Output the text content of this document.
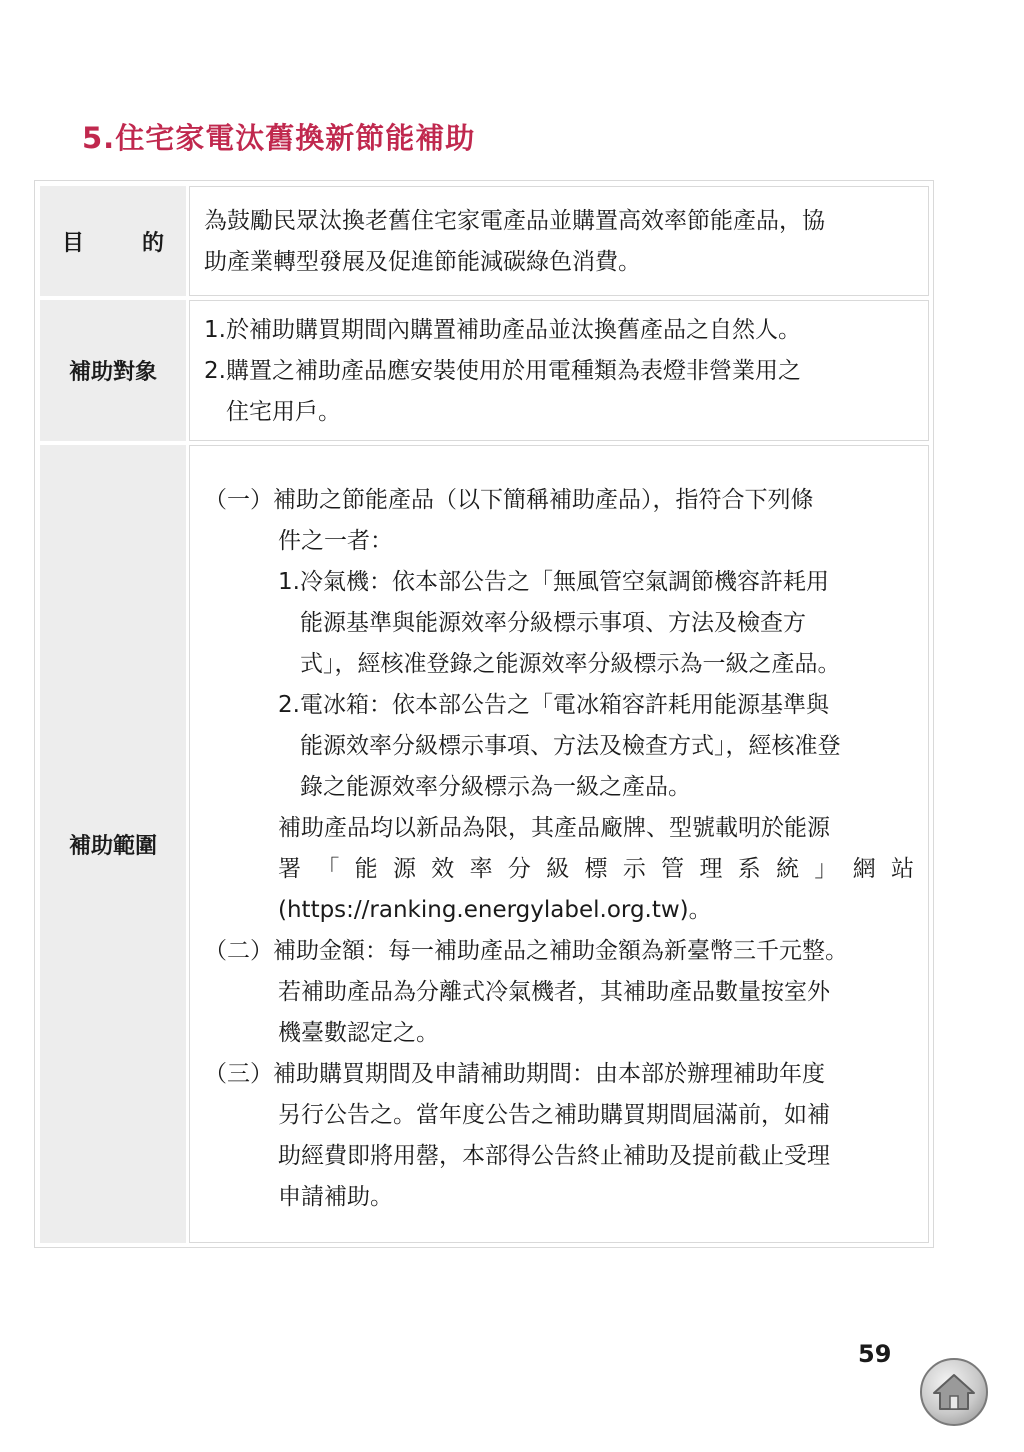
5.住宅家電汰舊換新節能補助
目	的
為鼓勵民眾汰換老舊住宅家電產品並購置高效率節能產品，協
助產業轉型發展及促進節能減碳綠色消費。
補助對象
1.於補助購買期間內購置補助產品並汰換舊產品之自然人。
2.購置之補助產品應安裝使用於用電種類為表燈非營業用之
住宅用戶。
補助範圍
（一）補助之節能產品（以下簡稱補助產品），指符合下列條
件之一者：
1.冷氣機：依本部公告之「無風管空氣調節機容許耗用
能源基準與能源效率分級標示事項、方法及檢查方
式」，經核准登錄之能源效率分級標示為一級之產品。
2.電冰箱：依本部公告之「電冰箱容許耗用能源基準與
能源效率分級標示事項、方法及檢查方式」，經核准登
錄之能源效率分級標示為一級之產品。
補助產品均以新品為限，其產品廠牌、型號載明於能源
署「能源效率分級標示管理系統」網站
(https://ranking.energylabel.org.tw)。
（二）補助金額：每一補助產品之補助金額為新臺幣三千元整。
若補助產品為分離式冷氣機者，其補助產品數量按室外
機臺數認定之。
（三）補助購買期間及申請補助期間：由本部於辦理補助年度
另行公告之。當年度公告之補助購買期間屆滿前，如補
助經費即將用罄，本部得公告終止補助及提前截止受理
申請補助。
59
